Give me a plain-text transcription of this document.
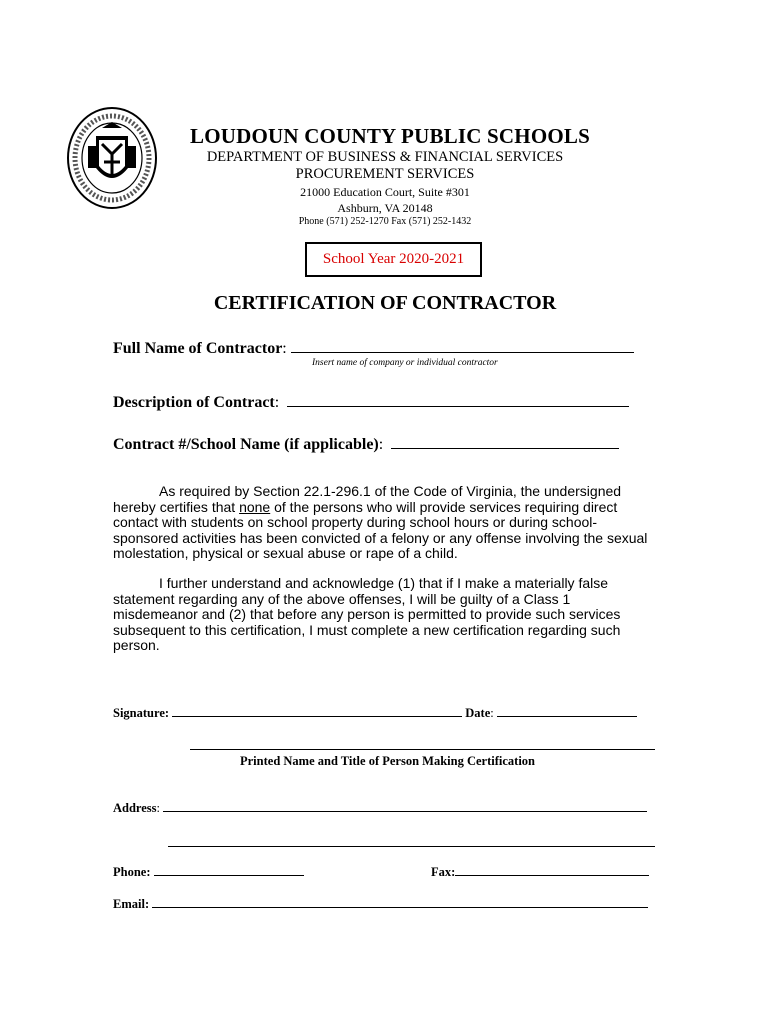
LOUDOUN COUNTY PUBLIC SCHOOLS
DEPARTMENT OF BUSINESS & FINANCIAL SERVICES
PROCUREMENT SERVICES
21000 Education Court, Suite #301
Ashburn, VA 20148
Phone (571) 252-1270 Fax (571) 252-1432
School Year 2020-2021
CERTIFICATION OF CONTRACTOR
Full Name of Contractor:
Insert name of company or individual contractor
Description of Contract:
Contract #/School Name (if applicable):

As required by Section 22.1-296.1 of the Code of Virginia, the undersigned hereby certifies that none of the persons who will provide services requiring direct contact with students on school property during school hours or during school-sponsored activities has been convicted of a felony or any offense involving the sexual molestation, physical or sexual abuse or rape of a child.

I further understand and acknowledge (1) that if I make a materially false statement regarding any of the above offenses, I will be guilty of a Class 1 misdemeanor and (2) that before any person is permitted to provide such services subsequent to this certification, I must complete a new certification regarding such person.

Signature:	Date:
Printed Name and Title of Person Making Certification
Address:
Phone:	Fax:
Email:
